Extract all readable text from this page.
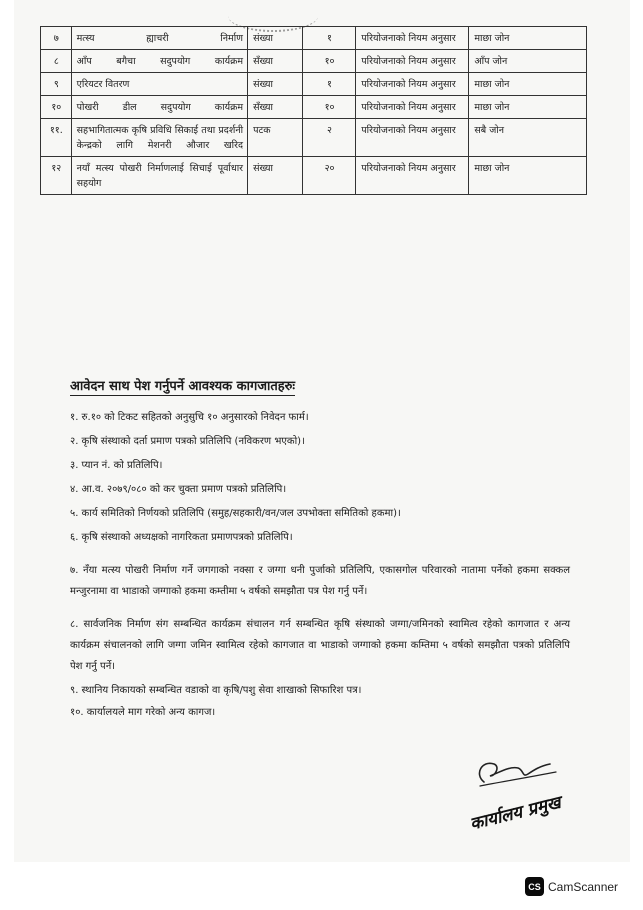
७	मत्स्य ह्याचरी निर्माण	संख्या	१	परियोजनाको नियम अनुसार	माछा जोन
८	आँप बगैचा सदुपयोग कार्यक्रम	सँख्या	१०	परियोजनाको नियम अनुसार	आँप जोन
९	एरियटर वितरण	संख्या	१	परियोजनाको नियम अनुसार	माछा जोन
१०	पोखरी डील सदुपयोग कार्यक्रम	सँख्या	१०	परियोजनाको नियम अनुसार	माछा जोन
११.	सहभागितात्मक कृषि प्रविधि सिकाई तथा प्रदर्शनी केन्द्रको लागि मेशनरी औजार खरिद	पटक	२	परियोजनाको नियम अनुसार	सबै जोन
१२	नयाँ मत्स्य पोखरी निर्माणलाई सिचाई पूर्वाधार सहयोग	संख्या	२०	परियोजनाको नियम अनुसार	माछा जोन
आवेदन साथ पेश गर्नुपर्ने आवश्यक कागजातहरुः

१. रु.१० को टिकट सहितको अनुसुचि १० अनुसारको निवेदन फार्म।

२. कृषि संस्थाको दर्ता प्रमाण पत्रको प्रतिलिपि (नविकरण भएको)।

३. प्यान नं. को प्रतिलिपि।

४. आ.व. २०७९/०८० को कर चुक्ता प्रमाण पत्रको प्रतिलिपि।

५. कार्य समितिको निर्णयको प्रतिलिपि (समुह/सहकारी/वन/जल उपभोक्ता समितिको हकमा)।

६. कृषि संस्थाको अध्यक्षको नागरिकता प्रमाणपत्रको प्रतिलिपि।

७. नँया मत्स्य पोखरी निर्माण गर्ने जगगाको नक्सा र जग्गा धनी पुर्जाको प्रतिलिपि, एकासगोल परिवारको नातामा पर्नेको हकमा सक्कल मन्जुरनामा वा भाडाको जग्गाको हकमा कम्तीमा ५ वर्षको समझौता पत्र पेश गर्नु पर्ने।

८. सार्वजनिक निर्माण संग सम्बन्धित कार्यक्रम संचालन गर्न सम्बन्धित कृषि संस्थाको जग्गा/जमिनको स्वामित्व रहेको कागजात र अन्य कार्यक्रम संचालनको लागि जग्गा जमिन स्वामित्व रहेको कागजात वा भाडाको जग्गाको हकमा कम्तिमा ५ वर्षको समझौता पत्रको प्रतिलिपि पेश गर्नु पर्ने।

९. स्थानिय निकायको सम्बन्धित वडाको वा कृषि/पशु सेवा शाखाको सिफारिश पत्र।

१०. कार्यालयले माग गरेको अन्य कागज।

कार्यालय प्रमुख
CS CamScanner
